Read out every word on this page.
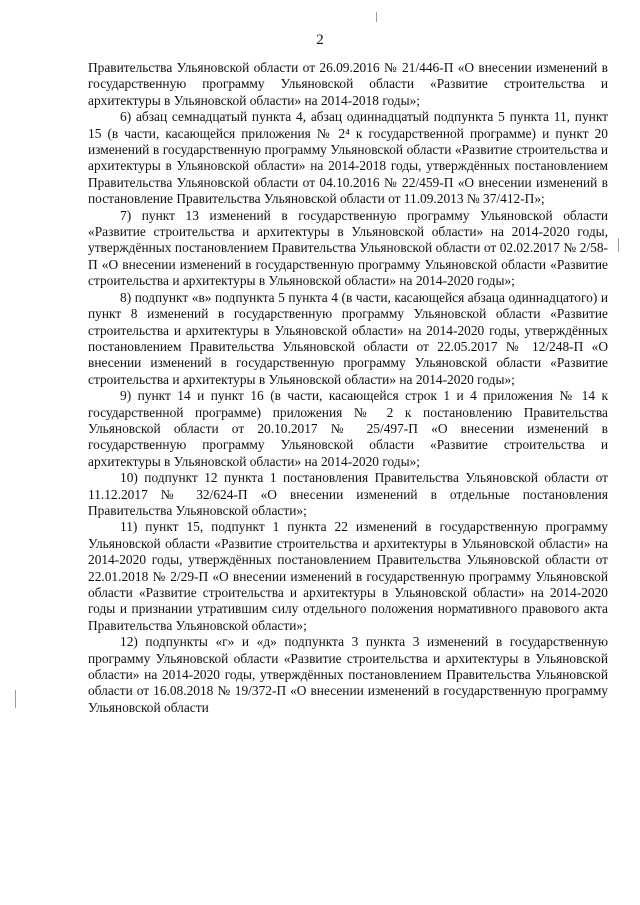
2

Правительства Ульяновской области от 26.09.2016 № 21/446-П «О внесении изменений в государственную программу Ульяновской области «Развитие строительства и архитектуры в Ульяновской области» на 2014-2018 годы»;

6) абзац семнадцатый пункта 4, абзац одиннадцатый подпункта 5 пункта 11, пункт 15 (в части, касающейся приложения № 2⁴ к государственной программе) и пункт 20 изменений в государственную программу Ульяновской области «Развитие строительства и архитектуры в Ульяновской области» на 2014-2018 годы, утверждённых постановлением Правительства Ульяновской области от 04.10.2016 № 22/459-П «О внесении изменений в постановление Правительства Ульяновской области от 11.09.2013 № 37/412-П»;

7) пункт 13 изменений в государственную программу Ульяновской области «Развитие строительства и архитектуры в Ульяновской области» на 2014-2020 годы, утверждённых постановлением Правительства Ульяновской области от 02.02.2017 № 2/58-П «О внесении изменений в государственную программу Ульяновской области «Развитие строительства и архитектуры в Ульяновской области» на 2014-2020 годы»;

8) подпункт «в» подпункта 5 пункта 4 (в части, касающейся абзаца одиннадцатого) и пункт 8 изменений в государственную программу Ульяновской области «Развитие строительства и архитектуры в Ульяновской области» на 2014-2020 годы, утверждённых постановлением Правительства Ульяновской области от 22.05.2017 № 12/248-П «О внесении изменений в государственную программу Ульяновской области «Развитие строительства и архитектуры в Ульяновской области» на 2014-2020 годы»;

9) пункт 14 и пункт 16 (в части, касающейся строк 1 и 4 приложения № 14 к государственной программе) приложения № 2 к постановлению Правительства Ульяновской области от 20.10.2017 № 25/497-П «О внесении изменений в государственную программу Ульяновской области «Развитие строительства и архитектуры в Ульяновской области» на 2014-2020 годы»;

10) подпункт 12 пункта 1 постановления Правительства Ульяновской области от 11.12.2017 № 32/624-П «О внесении изменений в отдельные постановления Правительства Ульяновской области»;

11) пункт 15, подпункт 1 пункта 22 изменений в государственную программу Ульяновской области «Развитие строительства и архитектуры в Ульяновской области» на 2014-2020 годы, утверждённых постановлением Правительства Ульяновской области от 22.01.2018 № 2/29-П «О внесении изменений в государственную программу Ульяновской области «Развитие строительства и архитектуры в Ульяновской области» на 2014-2020 годы и признании утратившим силу отдельного положения нормативного правового акта Правительства Ульяновской области»;

12) подпункты «г» и «д» подпункта 3 пункта 3 изменений в государственную программу Ульяновской области «Развитие строительства и архитектуры в Ульяновской области» на 2014-2020 годы, утверждённых постановлением Правительства Ульяновской области от 16.08.2018 № 19/372-П «О внесении изменений в государственную программу Ульяновской области
